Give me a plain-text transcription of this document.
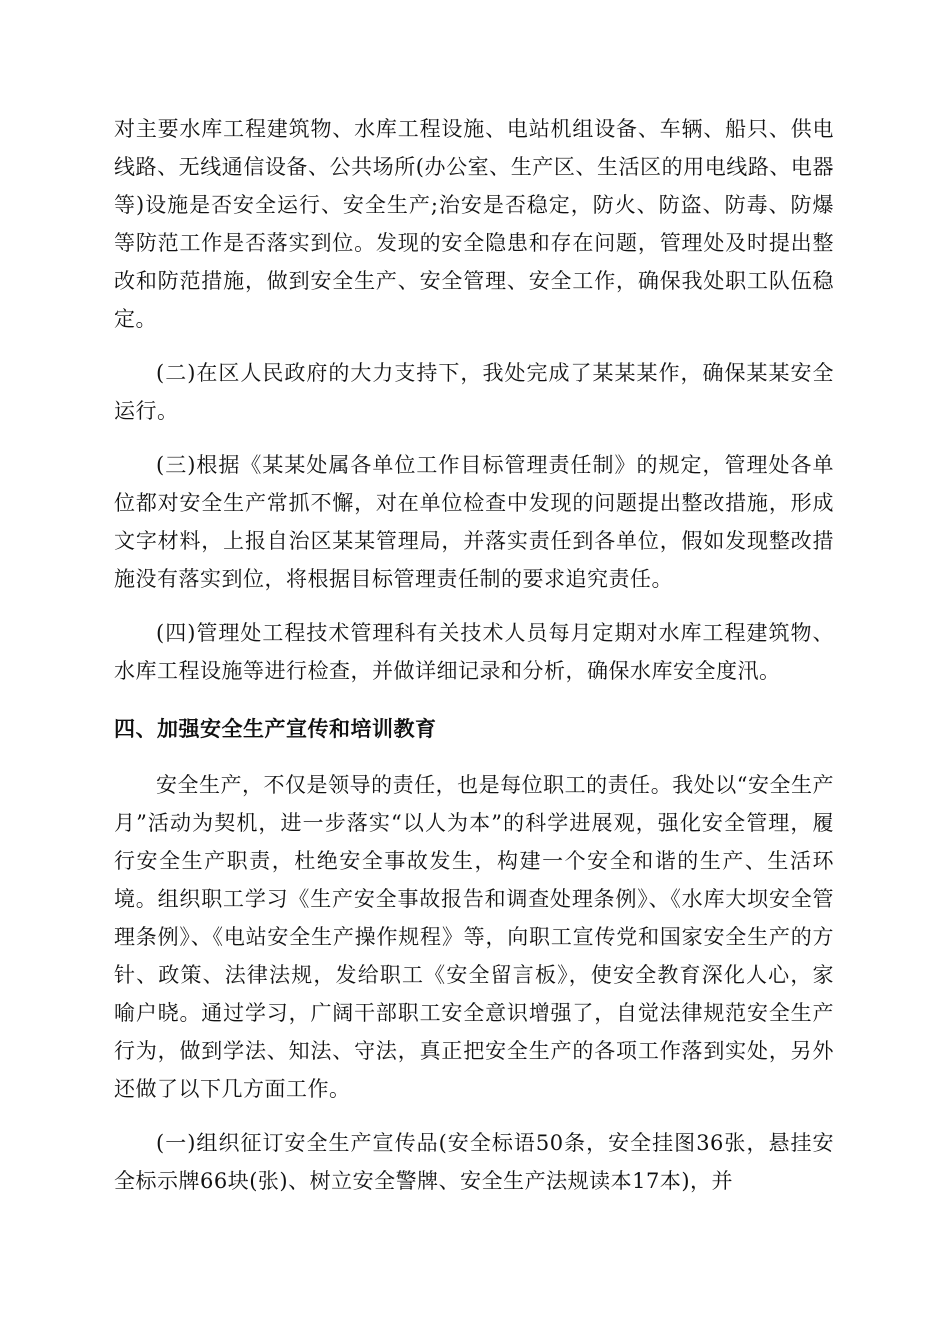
对主要水库工程建筑物、水库工程设施、电站机组设备、车辆、船只、供电线路、无线通信设备、公共场所(办公室、生产区、生活区的用电线路、电器等)设施是否安全运行、安全生产;治安是否稳定，防火、防盗、防毒、防爆等防范工作是否落实到位。发现的安全隐患和存在问题，管理处及时提出整改和防范措施，做到安全生产、安全管理、安全工作，确保我处职工队伍稳定。

(二)在区人民政府的大力支持下，我处完成了某某某作，确保某某安全运行。

(三)根据《某某处属各单位工作目标管理责任制》的规定，管理处各单位都对安全生产常抓不懈，对在单位检查中发现的问题提出整改措施，形成文字材料，上报自治区某某管理局，并落实责任到各单位，假如发现整改措施没有落实到位，将根据目标管理责任制的要求追究责任。

(四)管理处工程技术管理科有关技术人员每月定期对水库工程建筑物、水库工程设施等进行检查，并做详细记录和分析，确保水库安全度汛。

四、加强安全生产宣传和培训教育

安全生产，不仅是领导的责任，也是每位职工的责任。我处以“安全生产月”活动为契机，进一步落实“以人为本”的科学进展观，强化安全管理，履行安全生产职责，杜绝安全事故发生，构建一个安全和谐的生产、生活环境。组织职工学习《生产安全事故报告和调查处理条例》、《水库大坝安全管理条例》、《电站安全生产操作规程》等，向职工宣传党和国家安全生产的方针、政策、法律法规，发给职工《安全留言板》，使安全教育深化人心，家喻户晓。通过学习，广阔干部职工安全意识增强了，自觉法律规范安全生产行为，做到学法、知法、守法，真正把安全生产的各项工作落到实处，另外还做了以下几方面工作。

(一)组织征订安全生产宣传品(安全标语50条，安全挂图36张，悬挂安全标示牌66块(张)、树立安全警牌、安全生产法规读本17本)，并
